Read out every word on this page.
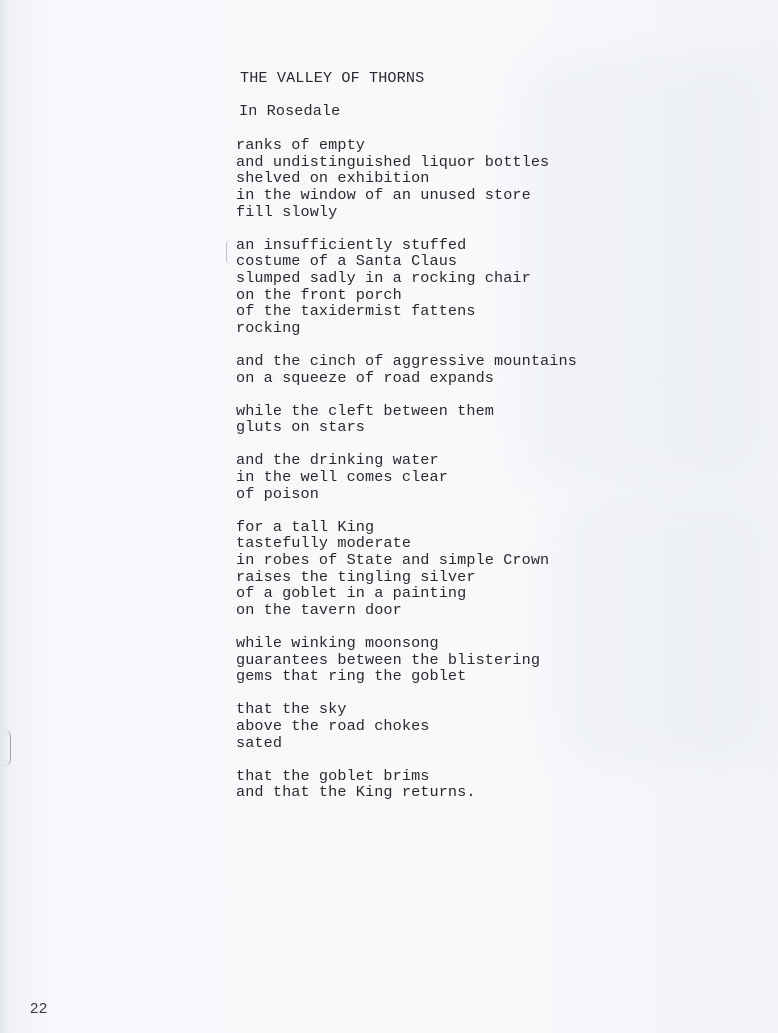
THE VALLEY OF THORNS
In Rosedale
ranks of empty
and undistinguished liquor bottles
shelved on exhibition
in the window of an unused store
fill slowly
an insufficiently stuffed
costume of a Santa Claus
slumped sadly in a rocking chair
on the front porch
of the taxidermist fattens
rocking
and the cinch of aggressive mountains
on a squeeze of road expands
while the cleft between them
gluts on stars
and the drinking water
in the well comes clear
of poison
for a tall King
tastefully moderate
in robes of State and simple Crown
raises the tingling silver
of a goblet in a painting
on the tavern door
while winking moonsong
guarantees between the blistering
gems that ring the goblet
that the sky
above the road chokes
sated
that the goblet brims
and that the King returns.
22
